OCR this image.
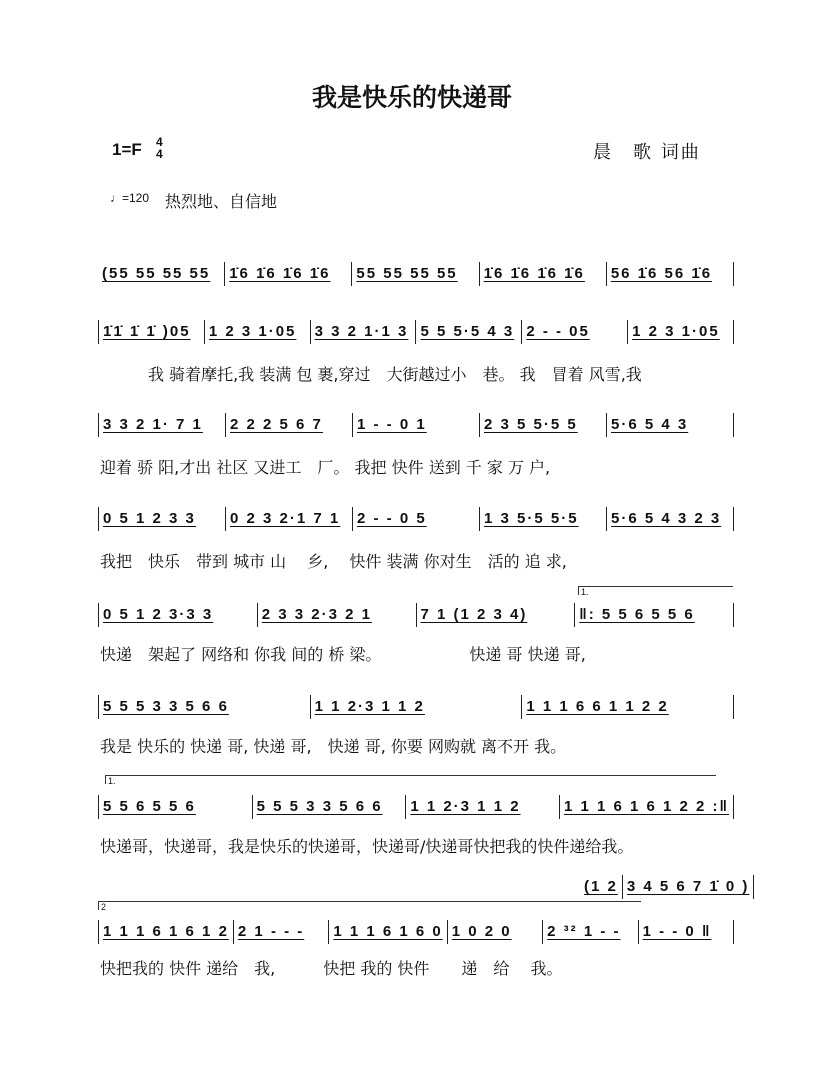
我是快乐的快递哥
1=F 4
4	晨　歌 词曲
♩=120 热烈地、自信地
1.
1.
2
(55 55 55 55	1̇6 1̇6 1̇6 1̇6	55 55 55 55	1̇6 1̇6 1̇6 1̇6	56 1̇6 56 1̇6
1̇1̇ 1̇ 1̇ )05	1 2 3 1·05	3 3 2 1·1 3 5 5 5·5 4 3 2 - - 05	1 2 3 1·05
　　　我 骑着摩托,我 装满 包 裹,穿过　大街越过小　巷。 我　冒着 风雪,我
3 3 2 1· 7 1	2 2 2 5 6 7	1 - - 0 1	2 3 5 5·5 5	5·6 5 4 3
迎着 骄 阳,才出 社区 又进工　厂。 我把 快件 送到 千 家 万 户,
0 5 1 2 3 3	0 2 3 2·1 7 1	2 - - 0 5	1 3 5·5 5·5	5·6 5 4 3 2 3
我把　快乐　带到 城市 山　 乡,　 快件 装满 你对生　活的 追 求,
0 5 1 2 3·3 3	2 3 3 2·3 2 1	7 1 (1 2 3 4)	‖: 5 5 6 5 5 6
快递　架起了 网络和 你我 间的 桥 梁。　　　　　　快递 哥 快递 哥,
5 5 5 3 3 5 6 6	1 1 2·3 1 1 2	1 1 1 6 6 1 1 2 2
我是 快乐的 快递 哥, 快递 哥,　快递 哥, 你要 网购就 离不开 我。
5 5 6 5 5 6	5 5 5 3 3 5 6 6	1 1 2·3 1 1 2	1 1 1 6 1 6 1 2 2 :‖
快递哥，快递哥，我是快乐的快递哥，快递哥/快递哥快把我的快件递给我。
(1 2 3 4 5 6 7 1̇ 0 )
1 1 1 6 1 6 1 2 2 1 - - -	1 1 1 6 1 6 0 1 0 2 0	2 ³² 1 - -	1 - - 0 ‖
快把我的 快件 递给　我,　　　快把 我的 快件　　递　给　 我。
